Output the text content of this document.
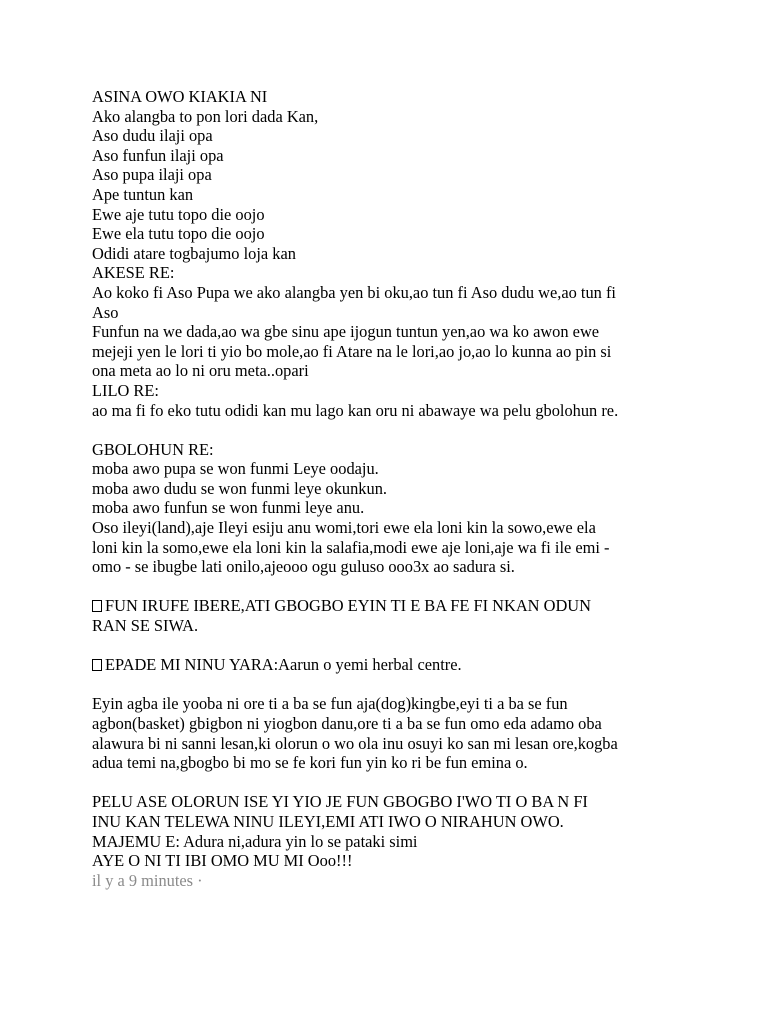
ASINA OWO KIAKIA NI
Ako alangba to pon lori dada Kan,
Aso dudu ilaji opa
Aso funfun ilaji opa
Aso pupa ilaji opa
Ape tuntun kan
Ewe aje tutu topo die oojo
Ewe ela tutu topo die oojo
Odidi atare togbajumo loja kan
AKESE RE:
Ao koko fi Aso Pupa we ako alangba yen bi oku,ao tun fi Aso dudu we,ao tun fi
Aso
Funfun na we dada,ao wa gbe sinu ape ijogun tuntun yen,ao wa ko awon ewe
mejeji yen le lori ti yio bo mole,ao fi Atare na le lori,ao jo,ao lo kunna ao pin si
ona meta ao lo ni oru meta..opari
LILO RE:
ao ma fi fo eko tutu odidi kan mu lago kan oru ni abawaye wa pelu gbolohun re.
GBOLOHUN RE:
moba awo pupa se won funmi Leye oodaju.
moba awo dudu se won funmi leye okunkun.
moba awo funfun se won funmi leye anu.
Oso ileyi(land),aje Ileyi esiju anu womi,tori ewe ela loni kin la sowo,ewe ela
loni kin la somo,ewe ela loni kin la salafia,modi ewe aje loni,aje wa fi ile emi -
omo - se ibugbe lati onilo,ajeooo ogu guluso ooo3x ao sadura si.
FUN IRUFE IBERE,ATI GBOGBO EYIN TI E BA FE FI NKAN ODUN
RAN SE SIWA.
EPADE MI NINU YARA:Aarun o yemi herbal centre.
Eyin agba ile yooba ni ore ti a ba se fun aja(dog)kingbe,eyi ti a ba se fun
agbon(basket) gbigbon ni yiogbon danu,ore ti a ba se fun omo eda adamo oba
alawura bi ni sanni lesan,ki olorun o wo ola inu osuyi ko san mi lesan ore,kogba
adua temi na,gbogbo bi mo se fe kori fun yin ko ri be fun emina o.
PELU ASE OLORUN ISE YI YIO JE FUN GBOGBO I'WO TI O BA N FI
INU KAN TELEWA NINU ILEYI,EMI ATI IWO O NIRAHUN OWO.
MAJEMU E: Adura ni,adura yin lo se pataki simi
AYE O NI TI IBI OMO MU MI Ooo!!!
il y a 9 minutes ·
